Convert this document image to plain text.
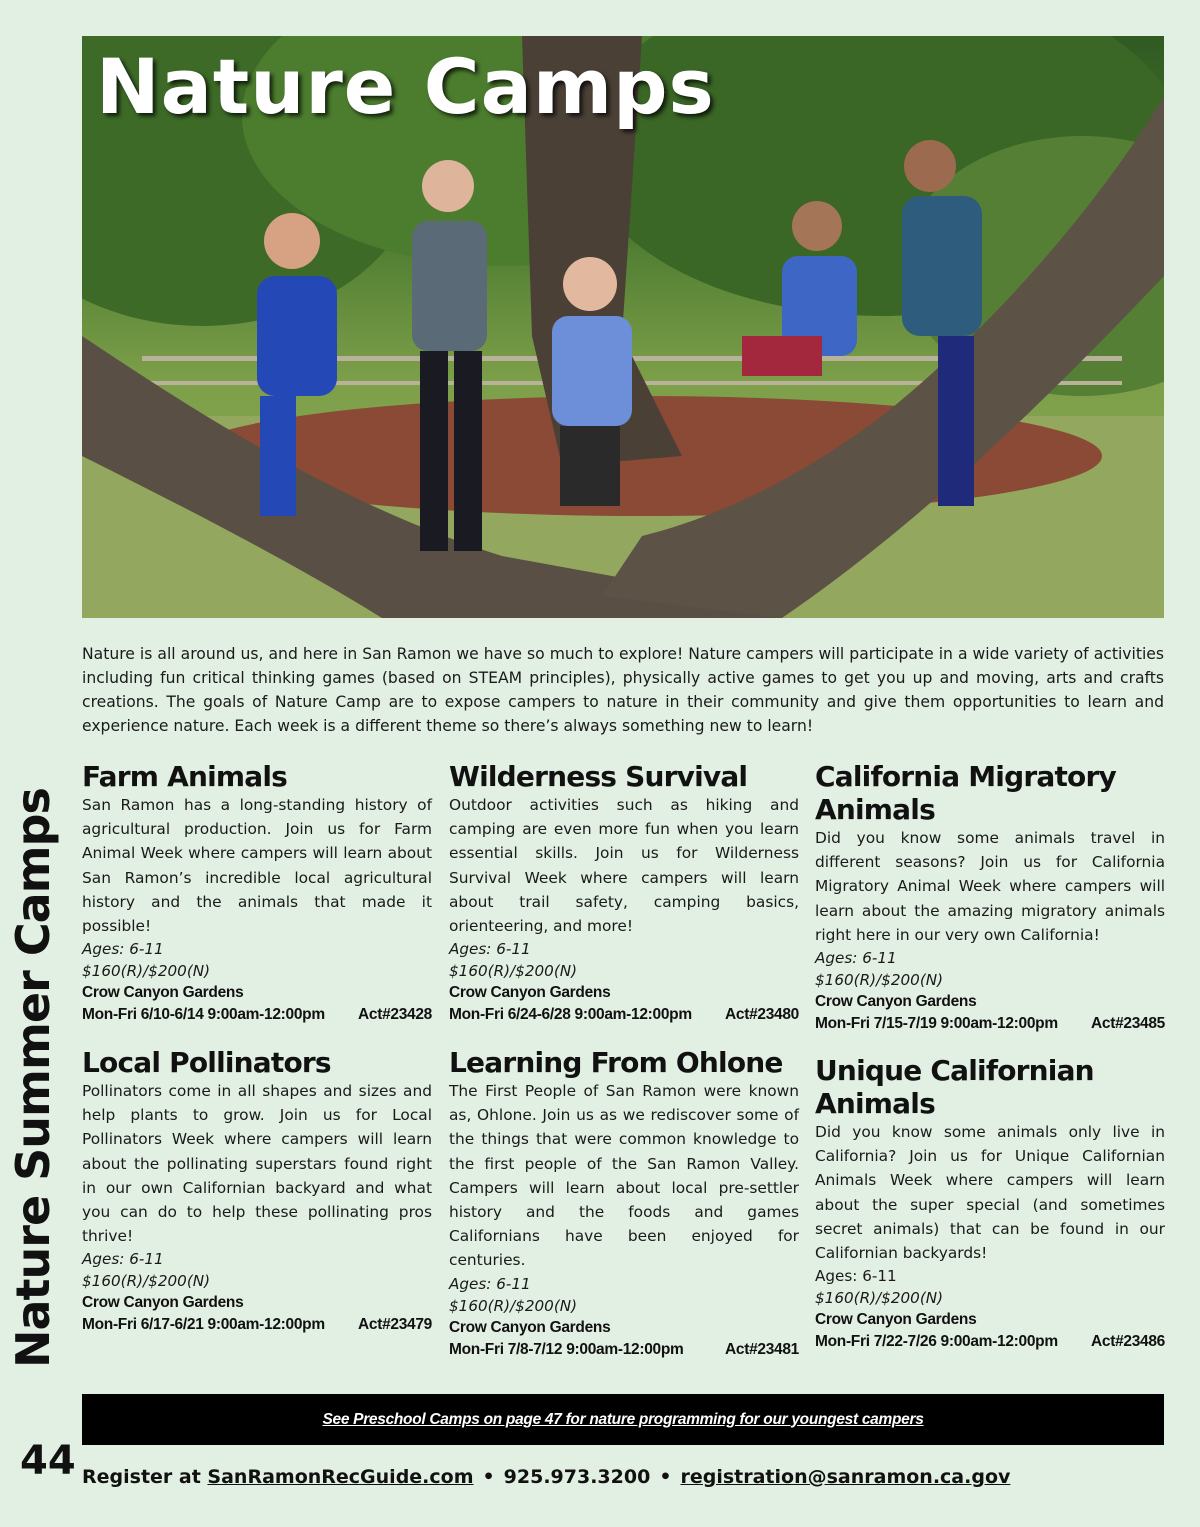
Nature Camps

Nature is all around us, and here in San Ramon we have so much to explore! Nature campers will participate in a wide variety of activities including fun critical thinking games (based on STEAM principles), physically active games to get you up and moving, arts and crafts creations. The goals of Nature Camp are to expose campers to nature in their community and give them opportunities to learn and experience nature. Each week is a different theme so there’s always something new to learn!

Farm Animals

San Ramon has a long-standing history of agricultural production. Join us for Farm Animal Week where campers will learn about San Ramon’s incredible local agricultural history and the animals that made it possible!

Ages: 6-11
$160(R)/$200(N)
Crow Canyon Gardens
Mon-Fri 6/10-6/14 9:00am-12:00pm Act#23428
Local Pollinators

Pollinators come in all shapes and sizes and help plants to grow. Join us for Local Pollinators Week where campers will learn about the pollinating superstars found right in our own Californian backyard and what you can do to help these pollinating pros thrive!

Ages: 6-11
$160(R)/$200(N)
Crow Canyon Gardens
Mon-Fri 6/17-6/21 9:00am-12:00pm Act#23479
Wilderness Survival

Outdoor activities such as hiking and camping are even more fun when you learn essential skills. Join us for Wilderness Survival Week where campers will learn about trail safety, camping basics, orienteering, and more!

Ages: 6-11
$160(R)/$200(N)
Crow Canyon Gardens
Mon-Fri 6/24-6/28 9:00am-12:00pm Act#23480
Learning From Ohlone

The First People of San Ramon were known as, Ohlone. Join us as we rediscover some of the things that were common knowledge to the first people of the San Ramon Valley. Campers will learn about local pre-settler history and the foods and games Californians have been enjoyed for centuries.

Ages: 6-11
$160(R)/$200(N)
Crow Canyon Gardens
Mon-Fri 7/8-7/12 9:00am-12:00pm	Act#23481
California Migratory Animals

Did you know some animals travel in different seasons? Join us for California Migratory Animal Week where campers will learn about the amazing migratory animals right here in our very own California!

Ages: 6-11
$160(R)/$200(N)
Crow Canyon Gardens
Mon-Fri 7/15-7/19 9:00am-12:00pm Act#23485
Unique Californian Animals

Did you know some animals only live in California? Join us for Unique Californian Animals Week where campers will learn about the super special (and sometimes secret animals) that can be found in our Californian backyards!

Ages: 6-11
$160(R)/$200(N)
Crow Canyon Gardens
Mon-Fri 7/22-7/26 9:00am-12:00pm Act#23486
Nature Summer Camps
See Preschool Camps on page 47 for nature programming for our youngest campers
44 Register at SanRamonRecGuide.com • 925.973.3200 • registration@sanramon.ca.gov
